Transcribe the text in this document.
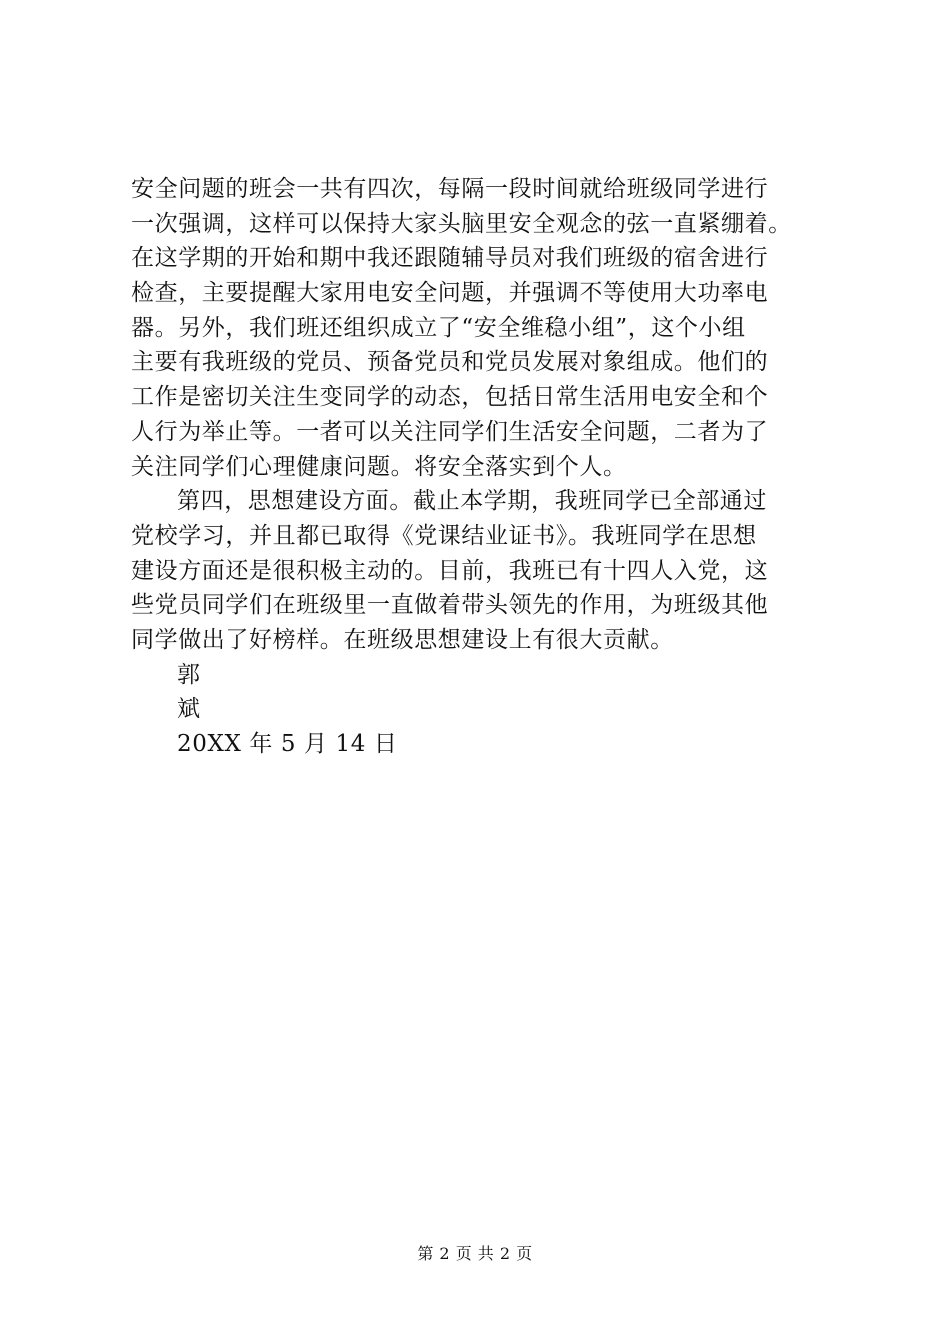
安全问题的班会一共有四次，每隔一段时间就给班级同学进行
一次强调，这样可以保持大家头脑里安全观念的弦一直紧绷着。
在这学期的开始和期中我还跟随辅导员对我们班级的宿舍进行
检查，主要提醒大家用电安全问题，并强调不等使用大功率电
器。另外，我们班还组织成立了“安全维稳小组”，这个小组
主要有我班级的党员、预备党员和党员发展对象组成。他们的
工作是密切关注生变同学的动态，包括日常生活用电安全和个
人行为举止等。一者可以关注同学们生活安全问题，二者为了
关注同学们心理健康问题。将安全落实到个人。
第四，思想建设方面。截止本学期，我班同学已全部通过
党校学习，并且都已取得《党课结业证书》。我班同学在思想
建设方面还是很积极主动的。目前，我班已有十四人入党，这
些党员同学们在班级里一直做着带头领先的作用，为班级其他
同学做出了好榜样。在班级思想建设上有很大贡献。
郭
斌
20XX 年 5 月 14 日
第 2 页 共 2 页
